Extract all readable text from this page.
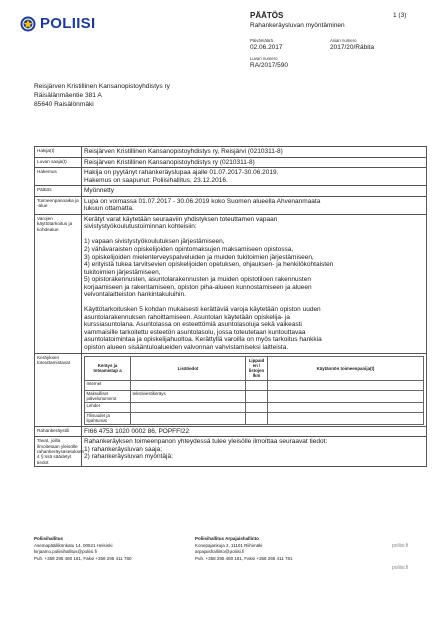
POLIISI	PÄÄTÖS	1 (3)
Rahankeräysluvan myöntäminen
Päivämäärä
02.06.2017
Asian numero
2017/20/Räbita
Luvan numero
RA/2017/590
Reisjärven Kristillinen Kansanopistoyhdistys ry
Räisälänmäentie 381 A
85640 Raisälönmäki
Hakija(t)	Reisjärven Kristillinen Kansanopistoyhdistys ry, Reisjärvi (0210311-8)
Luvan saaja(t)	Reisjärven Kristillinen Kansanopistoyhdistys ry (0210311-8)
Hakemus	Hakija on pyytänyt rahankeräyslupaa ajalle 01.07.2017-30.06.2019.
Hakemus on saapunut: Poliisihallitus, 23.12.2016.

Päätös	Myönnetty
Toimeenpanoaika ja -alue	
Lupa on voimassa 01.07.2017 - 30.06.2019 koko Suomen alueella Ahvenanmaata
lukuun ottamatta.

Varojen käyttötarkoitus ja kohdealue	
Kerätyt varat käytetään seuraaviin yhdistyksen toteuttamen vapaan
sivistystyökoulutustoiminnan kohteisiin:
1) vapaan sivistystyökoulutuksen järjestämiseen,
2) vähävaraisten opiskelijoiden opintomaksujen maksamiseen opistossa,
3) opiskelijoiden mielenterveyspalveluiden ja muiden tukitoimien järjestämiseen,
4) erityistä tukea tarvitsevien opiskelijoiden opetuksen, ohjauksen- ja henkilökohtaisten
tukitoimien järjestämiseen,
5) opistorakennusten, asuntolarakennusten ja muiden opistotiloen rakennusten
korjaamiseen ja rakentamiseen, opiston piha-alueen kunnostamiseen ja alueen
velvontalaitteiston hankintakuluihin.
Käyttötarkoitusken 5 kohdan mukaisesti kerättäviä varoja käytetään opiston uuden
asuntolarakennuksen rahoittamiseen. Asuntolan käytetään opiskelija- ja
kurssiasuntolana. Asuntolassa on esteettömiä asuntolasoluja sekä vaikeasti
vammaisille tarkoitettu esteetön asuntolasolu, jossa toteutetaan kuntouttavaa
asuntolatoimintaa ja opiskelijahuoltoa. Kerättyllä varoilla on myös tarkoitus hankkia
opiston alueen sisääntuloalueiden valvonnan vahvistamiseksi laitteista.

Keräyksen toteuttamistavat	
Keräys ja toteamistap a	Lisätiedot	Lippaid en / listojen lkm	Käytännön toimeenpanija(t)
Internet			
Maksulliset palvelunumerot	tekstiviestikeräys		
Lehdet			
Tilisuudet ja lipahtumat			

Rahankeräystili	FI66 4753 1020 0002 86, POPFFI22
Tavat, joilla ilmoitetaan yleisölle rahankeräysasetuksen 4 §:ssä säädetyt tiedot	
Rahankeräyksen toimeenpanon yhteydessä tulee yleisölle ilmoittaa seuraavat tiedot:
1) rahankeräysluvan saaja;
2) rahankeräysluvan myöntäjä;
Poliisihallitus
Asemapäällikönkatu 14, 00521 Helsinki
kirjaamo.poliisihallitus@poliisi.fi
Puh. +358 295 480 181, Faksi +358 295 411 780
Poliisihallitus Arpajaishallinto
Konepajankuja 2, 11101 Riihimäki
arpajaishallinto@poliisi.fi
Puh. +358 295 480 181, Faksi +358 295 411 781
poliisi.fi
poliisi.fi
